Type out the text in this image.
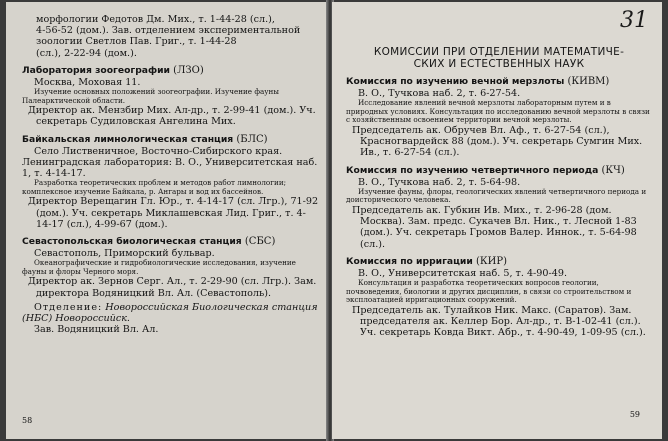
морфологии Федотов Дм. Мих., т. 1-44-28 (сл.),

4-56-52 (дом.). Зав. отделением экспериментальной зоологии Светлов Пав. Григ., т. 1-44-28

(сл.), 2-22-94 (дом.).

Лаборатория зоогеографии (ЛЗО)

Москва, Моховая 11.

Изучение основных положений зоогеографии. Изучение фауны Палеарктической области.

Директор ак. Мензбир Мих. Ал-др., т. 2-99-41 (дом.). Уч. секретарь Судиловская Ангелина Мих.

Байкальская лимнологическая станция (БЛС)

Село Лиственичное, Восточно-Сибирского края. Ленинградская лаборатория: В. О., Университетская наб. 1, т. 4-14-17.

Разработка теоретических проблем и методов работ лимнологии; комплексное изучение Байкала, р. Ангары и вод их бассейнов.

Директор Верещагин Гл. Юр., т. 4-14-17 (сл. Лгр.), 71-92 (дом.). Уч. секретарь Миклашевская Лид. Григ., т. 4-14-17 (сл.), 4-99-67 (дом.).

Севастопольская биологическая станция (СБС)

Севастополь, Приморский бульвар.

Океанографические и гидробиологические исследования, изучение фауны и флоры Черного моря.

Директор ак. Зернов Серг. Ал., т. 2-29-90 (сл. Лгр.). Зам. директора Водяницкий Вл. Ал. (Севастополь).

Отделение: Новороссийская Биологическая станция (НБС) Новороссийск.

Зав. Водяницкий Вл. Ал.

58
31

КОМИССИИ ПРИ ОТДЕЛЕНИИ МАТЕМАТИЧЕ-

СКИХ И ЕСТЕСТВЕННЫХ НАУК

Комиссия по изучению вечной мерзлоты (КИВМ)

В. О., Тучкова наб. 2, т. 6-27-54.

Исследование явлений вечной мерзлоты лабораторным путем и в природных условиях. Консультация по исследованию вечной мерзлоты в связи с хозяйственным освоением территории вечной мерзлоты.

Председатель ак. Обручев Вл. Аф., т. 6-27-54 (сл.), Красногвардейск 88 (дом.). Уч. секретарь Сумгин Мих. Ив., т. 6-27-54 (сл.).

Комиссия по изучению четвертичного периода (КЧ)

В. О., Тучкова наб. 2, т. 5-64-98.

Изучение фауны, флоры, геологических явлений четвертичного периода и доисторического человека.

Председатель ак. Губкин Ив. Мих., т. 2-96-28 (дом. Москва). Зам. предс. Сукачев Вл. Ник., т. Лесной 1-83 (дом.). Уч. секретарь Громов Валер. Иннок., т. 5-64-98 (сл.).

Комиссия по ирригации (КИР)

В. О., Университетская наб. 5, т. 4-90-49.

Консультация и разработка теоретических вопросов геологии, почвоведения, биологии и других дисциплин, в связи со строительством и эксплоатацией ирригационных сооружений.

Председатель ак. Тулайков Ник. Макс. (Саратов). Зам. председателя ак. Келлер Бор. Ал-др., т. В-1-02-41 (сл.). Уч. секретарь Ковда Викт. Абр., т. 4-90-49, 1-09-95 (сл.).

59
